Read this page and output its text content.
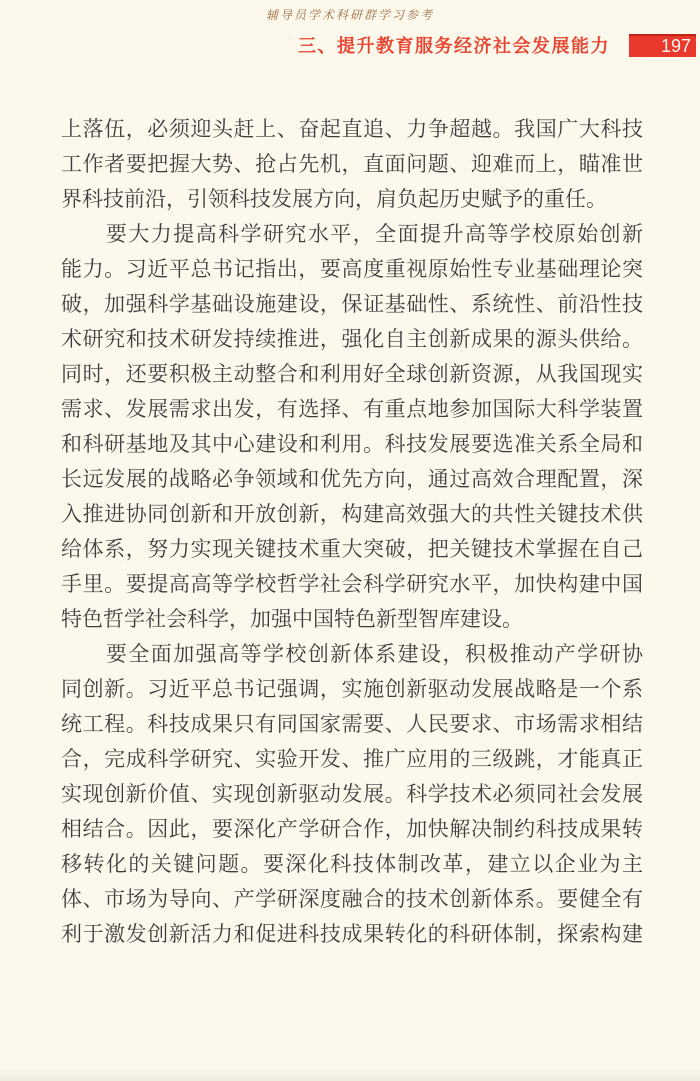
辅导员学术科研群学习参考
三、提升教育服务经济社会发展能力	197
上落伍，必须迎头赶上、奋起直追、力争超越。我国广大科技
工作者要把握大势、抢占先机，直面问题、迎难而上，瞄准世
界科技前沿，引领科技发展方向，肩负起历史赋予的重任。
　　要大力提高科学研究水平，全面提升高等学校原始创新
能力。习近平总书记指出，要高度重视原始性专业基础理论突
破，加强科学基础设施建设，保证基础性、系统性、前沿性技
术研究和技术研发持续推进，强化自主创新成果的源头供给。
同时，还要积极主动整合和利用好全球创新资源，从我国现实
需求、发展需求出发，有选择、有重点地参加国际大科学装置
和科研基地及其中心建设和利用。科技发展要选准关系全局和
长远发展的战略必争领域和优先方向，通过高效合理配置，深
入推进协同创新和开放创新，构建高效强大的共性关键技术供
给体系，努力实现关键技术重大突破，把关键技术掌握在自己
手里。要提高高等学校哲学社会科学研究水平，加快构建中国
特色哲学社会科学，加强中国特色新型智库建设。
　　要全面加强高等学校创新体系建设，积极推动产学研协
同创新。习近平总书记强调，实施创新驱动发展战略是一个系
统工程。科技成果只有同国家需要、人民要求、市场需求相结
合，完成科学研究、实验开发、推广应用的三级跳，才能真正
实现创新价值、实现创新驱动发展。科学技术必须同社会发展
相结合。因此，要深化产学研合作，加快解决制约科技成果转
移转化的关键问题。要深化科技体制改革，建立以企业为主
体、市场为导向、产学研深度融合的技术创新体系。要健全有
利于激发创新活力和促进科技成果转化的科研体制，探索构建
